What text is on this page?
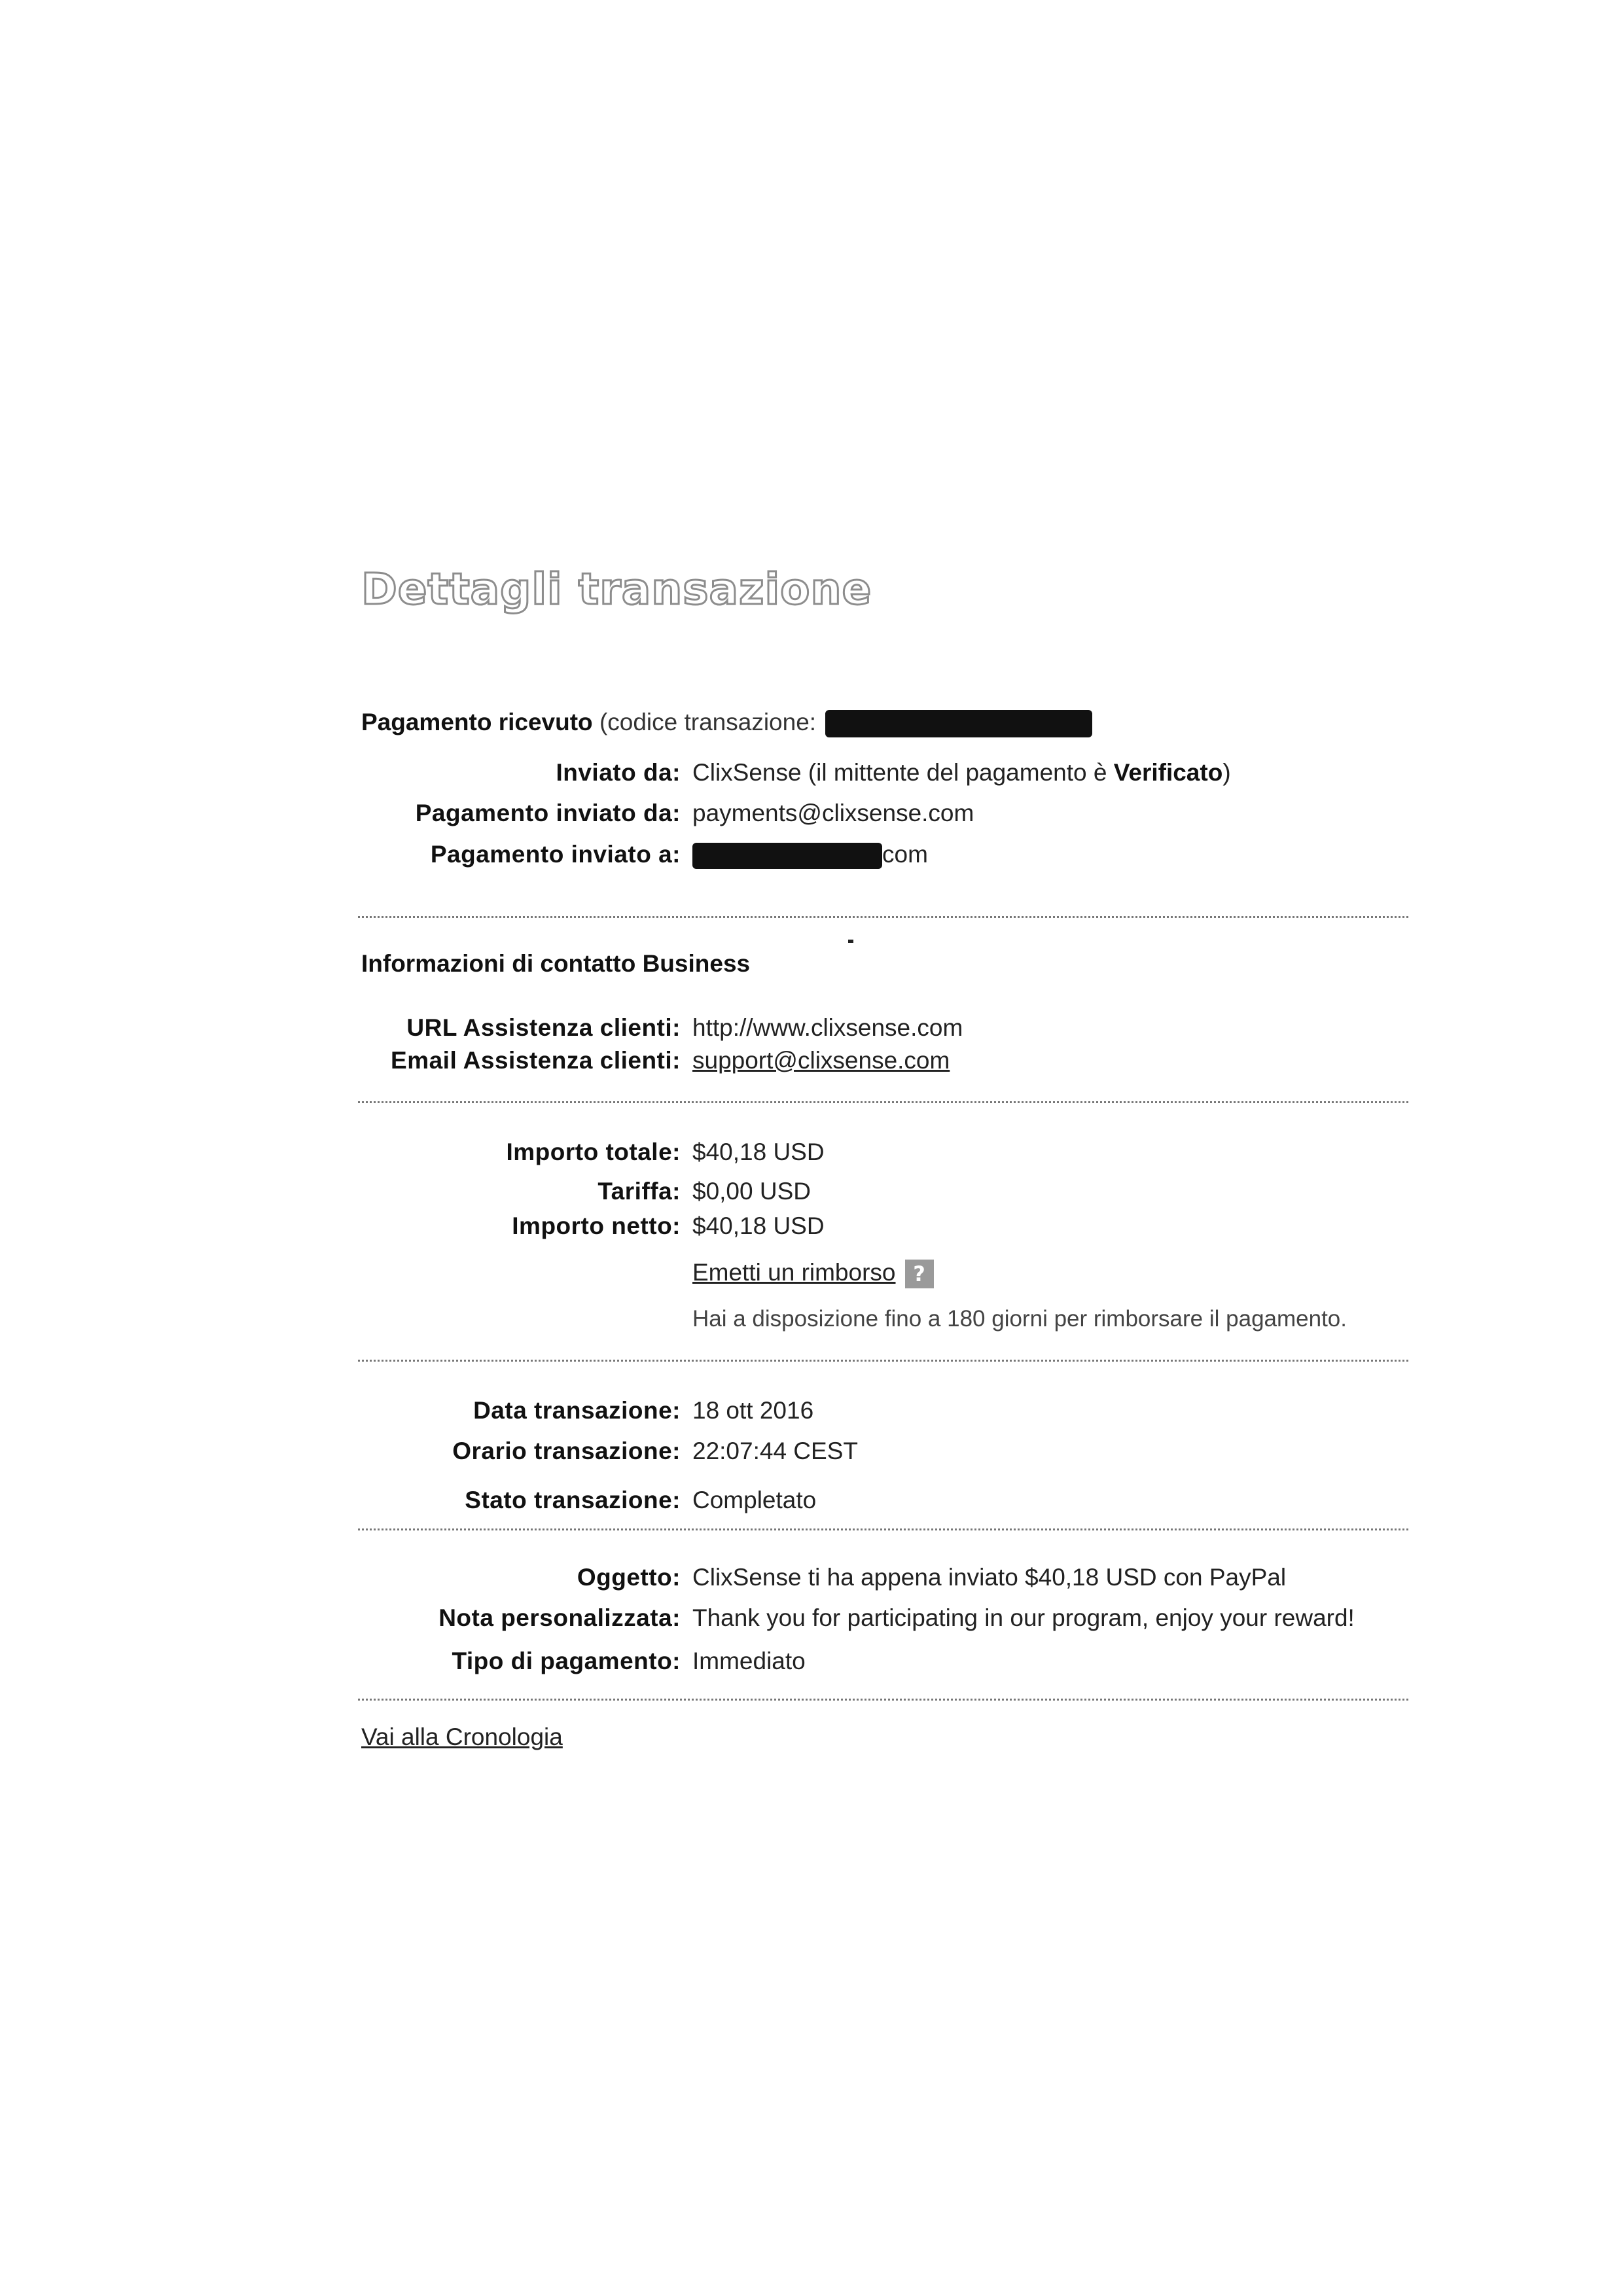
Dettagli transazione
Pagamento ricevuto (codice transazione:
Inviato da : ClixSense (il mittente del pagamento è Verificato)
Pagamento inviato da : payments@clixsense.com
Pagamento inviato a :	com
Informazioni di contatto Business
URL Assistenza clienti : http://www.clixsense.com
Email Assistenza clienti : support@clixsense.com
Importo totale : $40,18 USD
Tariffa : $0,00 USD
Importo netto : $40,18 USD
Emetti un rimborso ?
Hai a disposizione fino a 180 giorni per rimborsare il pagamento.
Data transazione : 18 ott 2016
Orario transazione : 22:07:44 CEST
Stato transazione : Completato
Oggetto : ClixSense ti ha appena inviato $40,18 USD con PayPal
Nota personalizzata : Thank you for participating in our program, enjoy your reward!
Tipo di pagamento : Immediato
Vai alla Cronologia
